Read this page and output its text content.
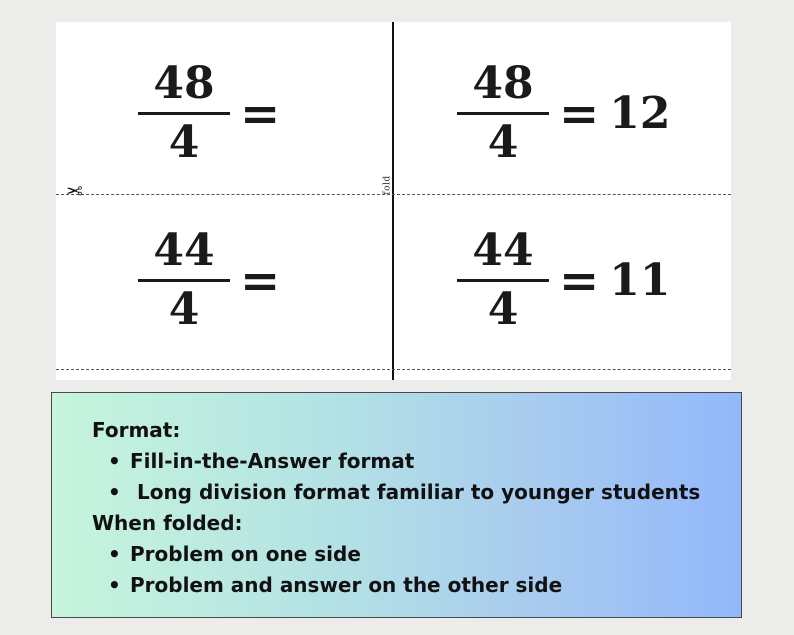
fold
✂
$\frac{48}{4}$ =	$\frac{48}{4} = 12$
$\frac{44}{4}$ =	$\frac{44}{4} = 11$
Format:
• Fill-in-the-Answer format
•  Long division format familiar to younger students
When folded:
• Problem on one side
• Problem and answer on the other side
